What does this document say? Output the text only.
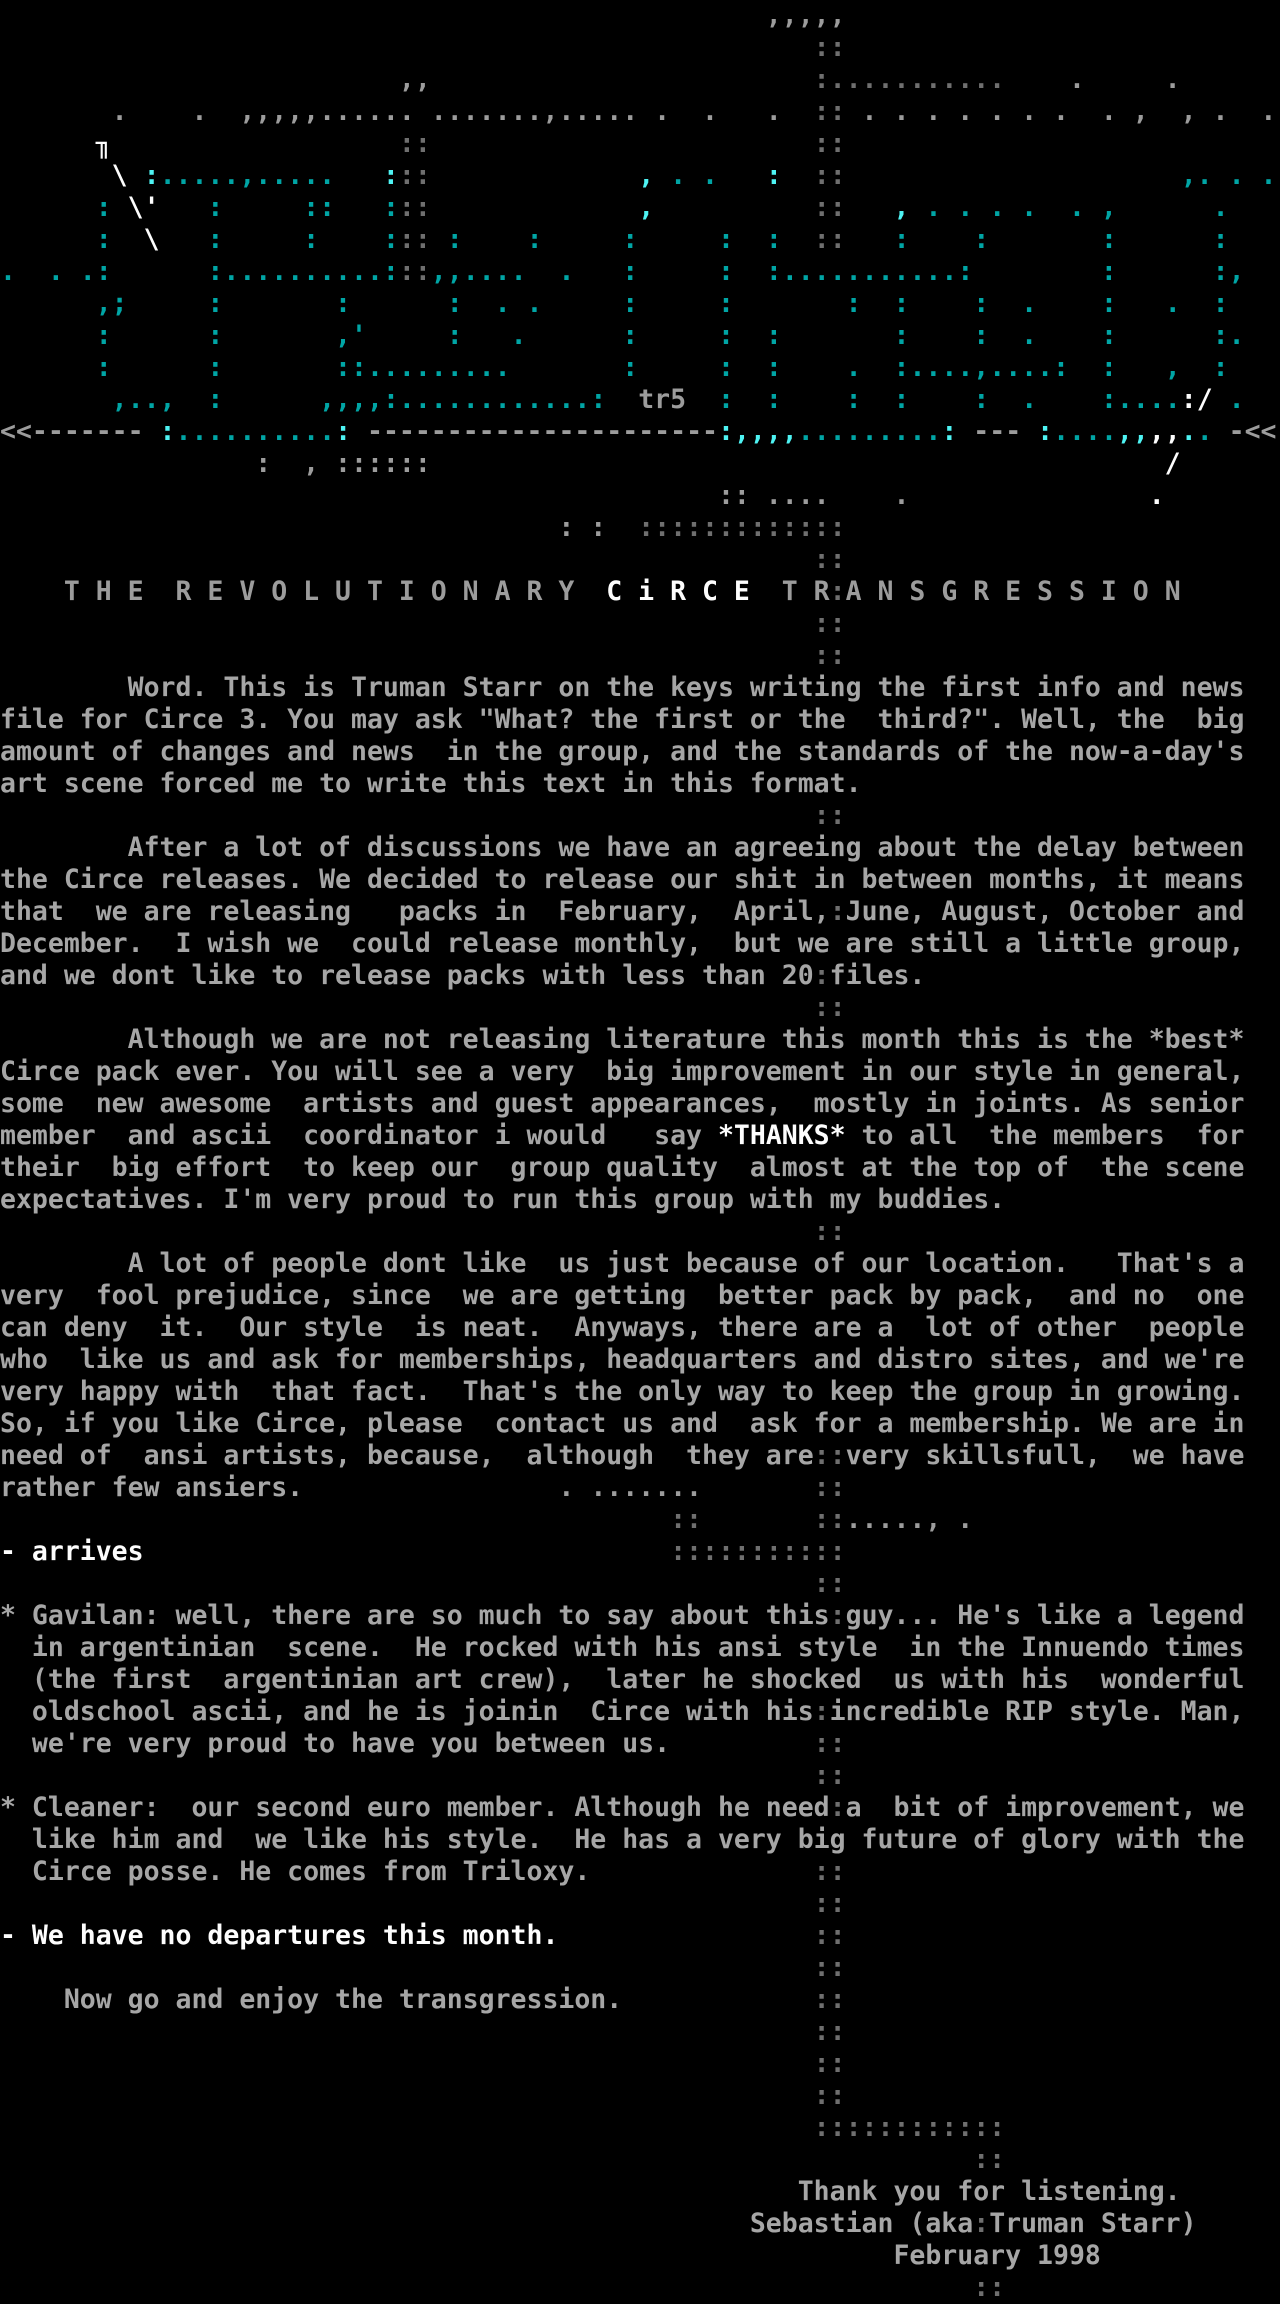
,,,,,
::
,,                        :...........    .     .
.    .  ,,,,,...... .......,..... .  .   .  :: . . . . . . .  . ,  , .  .
╖                  ::                        ::
\ :.....,.....   :::             , . .   :  ::                     ,. . .
: \'   :     ::   :::             ,          ::   , . . . .  . ,      .
:  \   :     :    ::: :    :     :     :  :  ::   :    :       :      :
.  . .:      :..........:::,,....  .   :     :  :...........:        :      :,
,;     :       :      :  . .     :     :       :  :    :  .    :   .  :
:      :       ,'     :   .      :     :  :       :    :  .    :      :.
:      :       ::.........       :     :  :    .  :....,....:  :   ,  :
,..,  :      ,,,,:............:  tr5  :  :    :  :    :  .    :....:/ .
<<------- :..........: ----------------------:,,,,.........: --- :....,,,,.. -<<
:  , ::::::                                              /
:: ....    .               .
: :  :::::::::::::
::
T H E  R E V O L U T I O N A R Y  C i R C E  T R:A N S G R E S S I O N
::
::
Word. This is Truman Starr on the keys writing the first info and news
file for Circe 3. You may ask "What? the first or the  third?". Well, the  big
amount of changes and news  in the group, and the standards of the now-a-day's
art scene forced me to write this text in this format.
::
After a lot of discussions we have an agreeing about the delay between
the Circe releases. We decided to release our shit in between months, it means
that  we are releasing   packs in  February,  April,:June, August, October and
December.  I wish we  could release monthly,  but we are still a little group,
and we dont like to release packs with less than 20:files.
::
Although we are not releasing literature this month this is the *best*
Circe pack ever. You will see a very  big improvement in our style in general,
some  new awesome  artists and guest appearances,  mostly in joints. As senior
member  and ascii  coordinator i would   say *THANKS* to all  the members  for
their  big effort  to keep our  group quality  almost at the top of  the scene
expectatives. I'm very proud to run this group with my buddies.
::
A lot of people dont like  us just because of our location.   That's a
very  fool prejudice, since  we are getting  better pack by pack,  and no  one
can deny  it.  Our style  is neat.  Anyways, there are a  lot of other  people
who  like us and ask for memberships, headquarters and distro sites, and we're
very happy with  that fact.  That's the only way to keep the group in growing.
So, if you like Circe, please  contact us and  ask for a membership. We are in
need of  ansi artists, because,  although  they are::very skillsfull,  we have
rather few ansiers.                . .......       ::
::       ::....., .
- arrives                                 :::::::::::
::
* Gavilan: well, there are so much to say about this:guy... He's like a legend
in argentinian  scene.  He rocked with his ansi style  in the Innuendo times
(the first  argentinian art crew),  later he shocked  us with his  wonderful
oldschool ascii, and he is joinin  Circe with his:incredible RIP style. Man,
we're very proud to have you between us.         ::
::
* Cleaner:  our second euro member. Although he need:a  bit of improvement, we
like him and  we like his style.  He has a very big future of glory with the
Circe posse. He comes from Triloxy.              ::
::
- We have no departures this month.                ::
::
Now go and enjoy the transgression.            ::
::
::
::
::::::::::::
::
Thank you for listening.
Sebastian (aka:Truman Starr)
February 1998
::
